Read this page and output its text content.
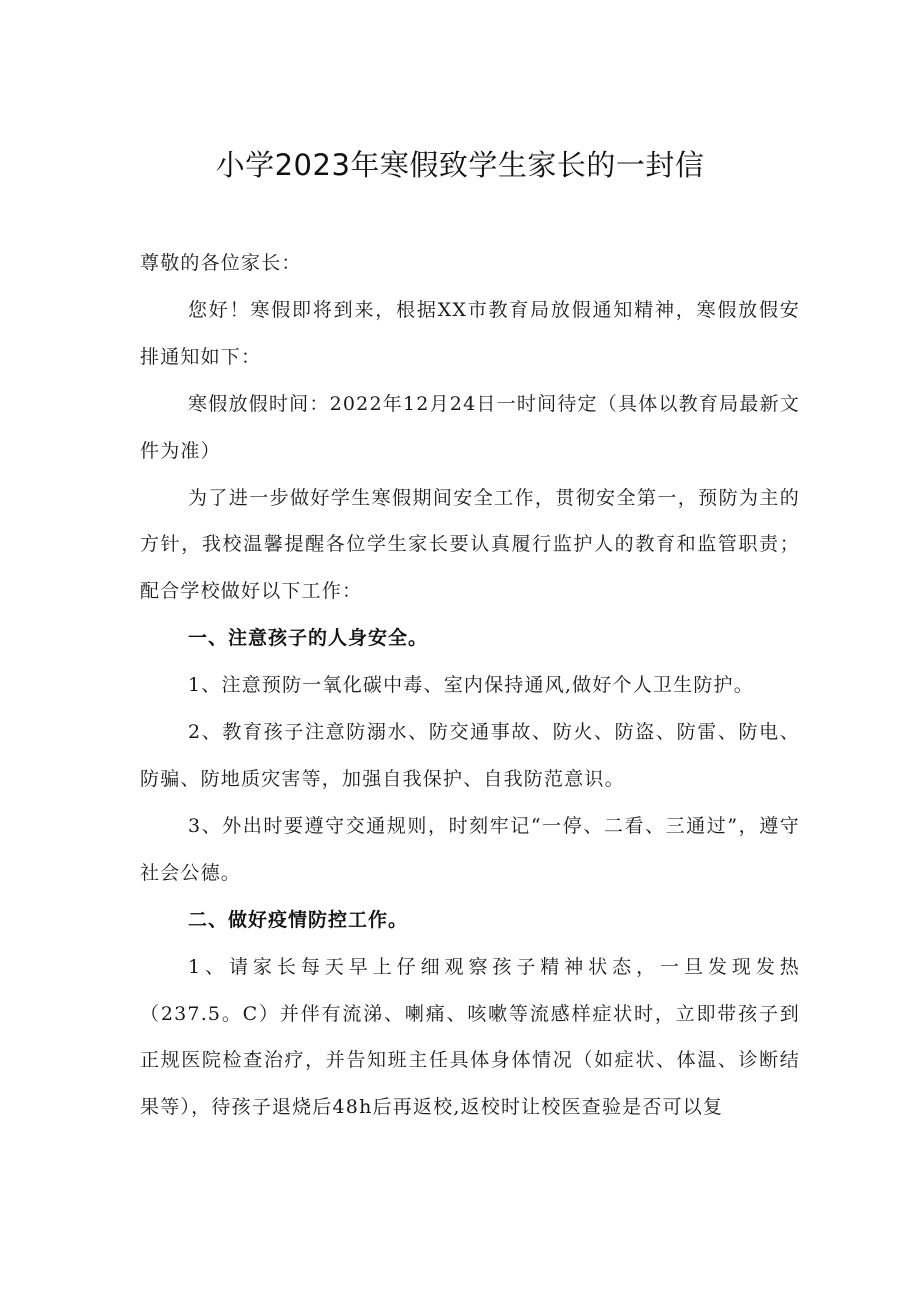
小学2023年寒假致学生家长的一封信

尊敬的各位家长：

您好！寒假即将到来，根据XX市教育局放假通知精神，寒假放假安排通知如下：

寒假放假时间：2022年12月24日一时间待定（具体以教育局最新文件为准）

为了进一步做好学生寒假期间安全工作，贯彻安全第一，预防为主的方针，我校温馨提醒各位学生家长要认真履行监护人的教育和监管职责；配合学校做好以下工作：

一、注意孩子的人身安全。

1、注意预防一氧化碳中毒、室内保持通风,做好个人卫生防护。

2、教育孩子注意防溺水、防交通事故、防火、防盗、防雷、防电、防骗、防地质灾害等，加强自我保护、自我防范意识。

3、外出时要遵守交通规则，时刻牢记“一停、二看、三通过”，遵守社会公德。

二、做好疫情防控工作。

1、请家长每天早上仔细观察孩子精神状态，一旦发现发热（237.5。C）并伴有流涕、喇痛、咳嗽等流感样症状时，立即带孩子到正规医院检查治疗，并告知班主任具体身体情况（如症状、体温、诊断结果等），待孩子退烧后48h后再返校,返校时让校医查验是否可以复
